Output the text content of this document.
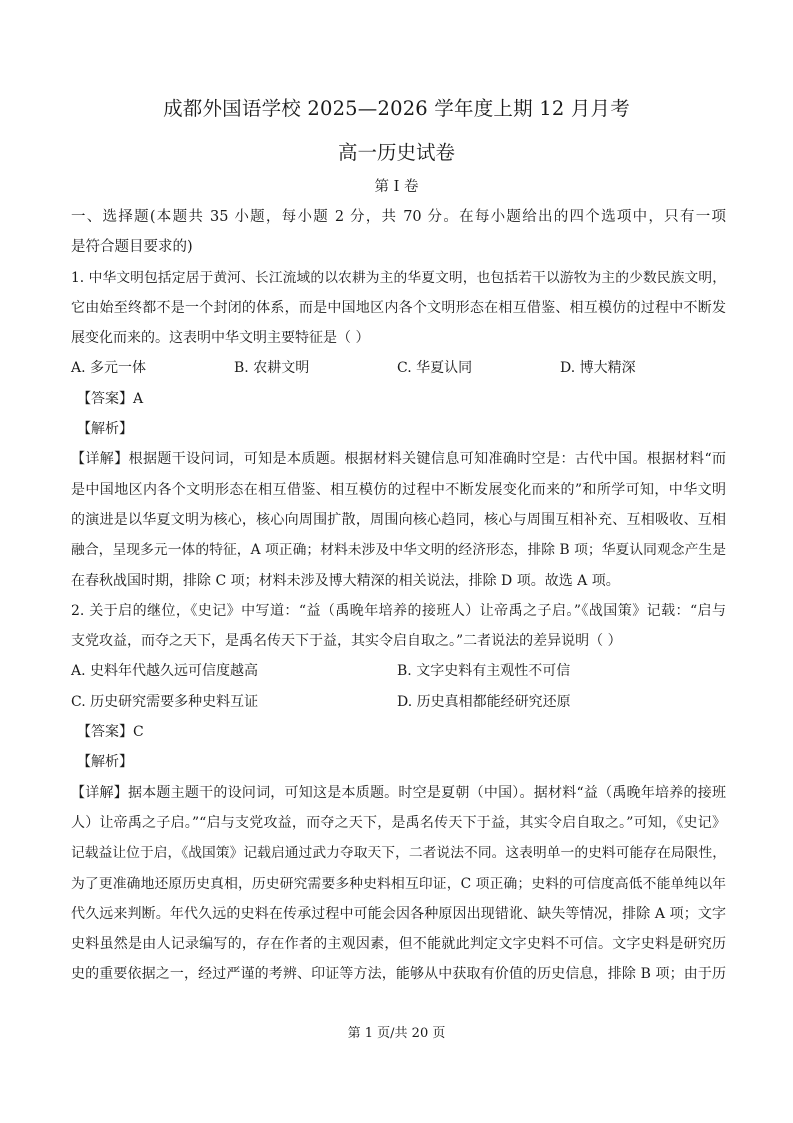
成都外国语学校 2025—2026 学年度上期 12 月月考
高一历史试卷
第 I 卷
一、选择题(本题共 35 小题，每小题 2 分，共 70 分。在每小题给出的四个选项中，只有一项
是符合题目要求的)
1. 中华文明包括定居于黄河、长江流域的以农耕为主的华夏文明，也包括若干以游牧为主的少数民族文明，
它由始至终都不是一个封闭的体系，而是中国地区内各个文明形态在相互借鉴、相互模仿的过程中不断发
展变化而来的。这表明中华文明主要特征是（ ）
A. 多元一体	B. 农耕文明	C. 华夏认同	D. 博大精深
【答案】A
【解析】
【详解】根据题干设问词，可知是本质题。根据材料关键信息可知准确时空是：古代中国。根据材料“而
是中国地区内各个文明形态在相互借鉴、相互模仿的过程中不断发展变化而来的”和所学可知，中华文明
的演进是以华夏文明为核心，核心向周围扩散，周围向核心趋同，核心与周围互相补充、互相吸收、互相
融合，呈现多元一体的特征，A 项正确；材料未涉及中华文明的经济形态，排除 B 项；华夏认同观念产生是
在春秋战国时期，排除 C 项；材料未涉及博大精深的相关说法，排除 D 项。故选 A 项。
2. 关于启的继位，《史记》中写道：“益（禹晚年培养的接班人）让帝禹之子启。”《战国策》记载：“启与
支党攻益，而夺之天下，是禹名传天下于益，其实令启自取之。”二者说法的差异说明（ ）
A. 史料年代越久远可信度越高	B. 文字史料有主观性不可信
C. 历史研究需要多种史料互证	D. 历史真相都能经研究还原
【答案】C
【解析】
【详解】据本题主题干的设问词，可知这是本质题。时空是夏朝（中国）。据材料“益（禹晚年培养的接班
人）让帝禹之子启。”“启与支党攻益，而夺之天下，是禹名传天下于益，其实令启自取之。”可知，《史记》
记载益让位于启，《战国策》记载启通过武力夺取天下，二者说法不同。这表明单一的史料可能存在局限性，
为了更准确地还原历史真相，历史研究需要多种史料相互印证，C 项正确；史料的可信度高低不能单纯以年
代久远来判断。年代久远的史料在传承过程中可能会因各种原因出现错讹、缺失等情况，排除 A 项；文字
史料虽然是由人记录编写的，存在作者的主观因素，但不能就此判定文字史料不可信。文字史料是研究历
史的重要依据之一，经过严谨的考辨、印证等方法，能够从中获取有价值的历史信息，排除 B 项；由于历
第 1 页/共 20 页
